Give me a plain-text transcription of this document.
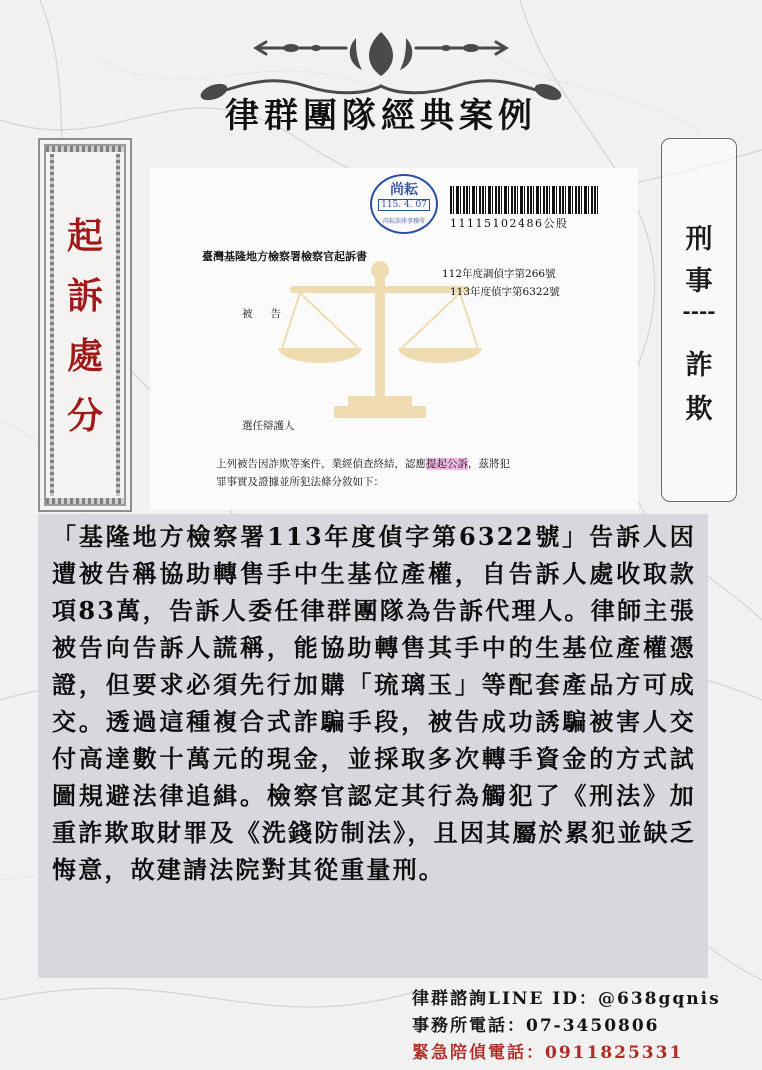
律群團隊經典案例
起
訴
處
分
尚耘
115. 4. 07
尚耘法律事務所	11115102486公股
臺灣基隆地方檢察署檢察官起訴書
112年度調偵字第266號
113年度偵字第6322號
被告
選任辯護人
上列被告因詐欺等案件，業經偵查終結，認應提起公訴，茲將犯
罪事實及證據並所犯法條分敘如下：
刑
事
----
詐
欺
「基隆地方檢察署113年度偵字第6322號」告訴人因遭被告稱協助轉售手中生基位產權，自告訴人處收取款項83萬，告訴人委任律群團隊為告訴代理人。律師主張被告向告訴人謊稱，能協助轉售其手中的生基位產權憑證，但要求必須先行加購「琉璃玉」等配套產品方可成交。透過這種複合式詐騙手段，被告成功誘騙被害人交付高達數十萬元的現金，並採取多次轉手資金的方式試圖規避法律追緝。檢察官認定其行為觸犯了《刑法》加重詐欺取財罪及《洗錢防制法》，且因其屬於累犯並缺乏悔意，故建請法院對其從重量刑。
律群諮詢LINE ID：@638gqnis
事務所電話：07-3450806
緊急陪偵電話：0911825331
